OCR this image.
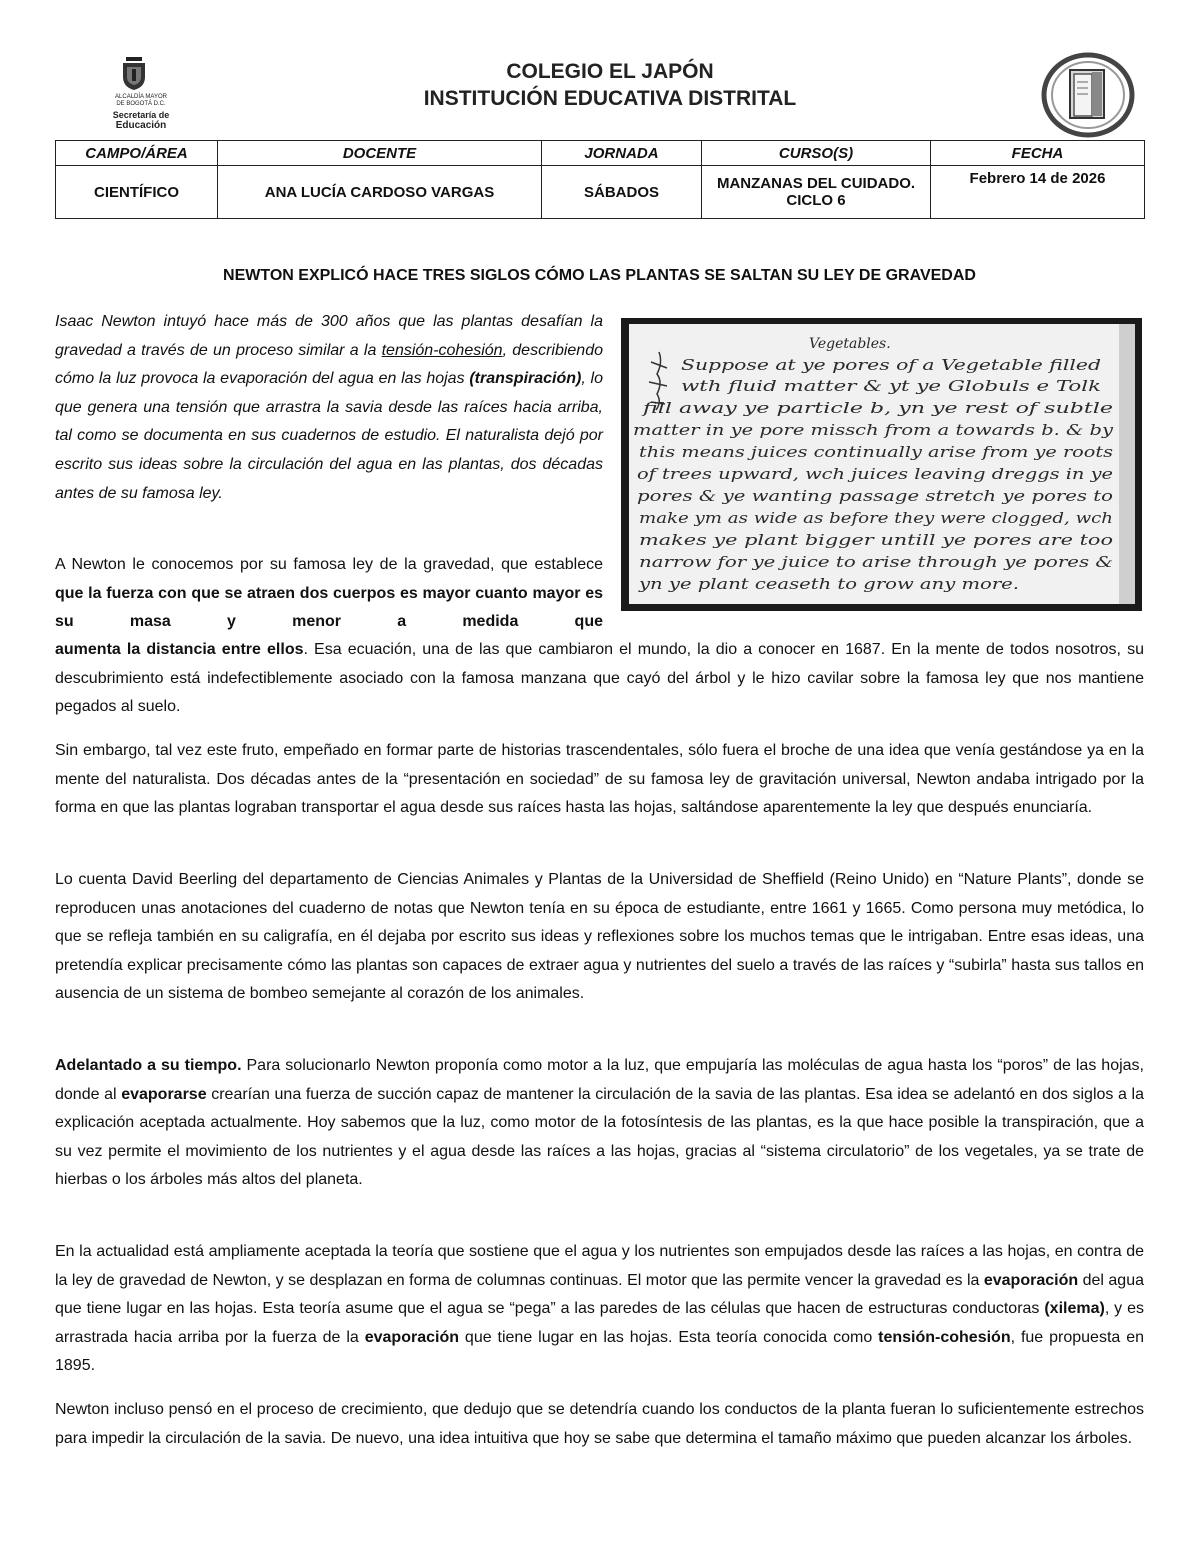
ALCALDÍA MAYOR
DE BOGOTÁ D.C.
Secretaría de
Educación
COLEGIO EL JAPÓN
INSTITUCIÓN EDUCATIVA DISTRITAL
CAMPO/ÁREA	DOCENTE	JORNADA	CURSO(S)	FECHA
CIENTÍFICO	ANA LUCÍA CARDOSO VARGAS	SÁBADOS	MANZANAS DEL CUIDADO. CICLO 6	Febrero 14 de 2026
NEWTON EXPLICÓ HACE TRES SIGLOS CÓMO LAS PLANTAS SE SALTAN SU LEY DE GRAVEDAD
Vegetables.
Suppose at ye pores of a Vegetable filled
wth fluid matter & yt ye Globuls e Tolk
fill away ye particle b, yn ye rest of subtle
matter in ye pore missch from a towards b. & by
this means juices continually arise from ye roots
of trees upward, wch juices leaving dreggs in ye
pores & ye wanting passage stretch ye pores to
make ym as wide as before they were clogged, wch
makes ye plant bigger untill ye pores are too
narrow for ye juice to arise through ye pores &
yn ye plant ceaseth to grow any more.

Isaac Newton intuyó hace más de 300 años que las plantas desafían la gravedad a través de un proceso similar a la tensión-cohesión, describiendo cómo la luz provoca la evaporación del agua en las hojas (transpiración), lo que genera una tensión que arrastra la savia desde las raíces hacia arriba, tal como se documenta en sus cuadernos de estudio. El naturalista dejó por escrito sus ideas sobre la circulación del agua en las plantas, dos décadas antes de su famosa ley.

A Newton le conocemos por su famosa ley de la gravedad, que establece que la fuerza con que se atraen dos cuerpos es mayor cuanto mayor es su masa y menor a medida que

aumenta la distancia entre ellos. Esa ecuación, una de las que cambiaron el mundo, la dio a conocer en 1687. En la mente de todos nosotros, su descubrimiento está indefectiblemente asociado con la famosa manzana que cayó del árbol y le hizo cavilar sobre la famosa ley que nos mantiene pegados al suelo.

Sin embargo, tal vez este fruto, empeñado en formar parte de historias trascendentales, sólo fuera el broche de una idea que venía gestándose ya en la mente del naturalista. Dos décadas antes de la “presentación en sociedad” de su famosa ley de gravitación universal, Newton andaba intrigado por la forma en que las plantas lograban transportar el agua desde sus raíces hasta las hojas, saltándose aparentemente la ley que después enunciaría.

Lo cuenta David Beerling del departamento de Ciencias Animales y Plantas de la Universidad de Sheffield (Reino Unido) en “Nature Plants”, donde se reproducen unas anotaciones del cuaderno de notas que Newton tenía en su época de estudiante, entre 1661 y 1665. Como persona muy metódica, lo que se refleja también en su caligrafía, en él dejaba por escrito sus ideas y reflexiones sobre los muchos temas que le intrigaban. Entre esas ideas, una pretendía explicar precisamente cómo las plantas son capaces de extraer agua y nutrientes del suelo a través de las raíces y “subirla” hasta sus tallos en ausencia de un sistema de bombeo semejante al corazón de los animales.

Adelantado a su tiempo. Para solucionarlo Newton proponía como motor a la luz, que empujaría las moléculas de agua hasta los “poros” de las hojas, donde al evaporarse crearían una fuerza de succión capaz de mantener la circulación de la savia de las plantas. Esa idea se adelantó en dos siglos a la explicación aceptada actualmente. Hoy sabemos que la luz, como motor de la fotosíntesis de las plantas, es la que hace posible la transpiración, que a su vez permite el movimiento de los nutrientes y el agua desde las raíces a las hojas, gracias al “sistema circulatorio” de los vegetales, ya se trate de hierbas o los árboles más altos del planeta.

En la actualidad está ampliamente aceptada la teoría que sostiene que el agua y los nutrientes son empujados desde las raíces a las hojas, en contra de la ley de gravedad de Newton, y se desplazan en forma de columnas continuas. El motor que las permite vencer la gravedad es la evaporación del agua que tiene lugar en las hojas. Esta teoría asume que el agua se “pega” a las paredes de las células que hacen de estructuras conductoras (xilema), y es arrastrada hacia arriba por la fuerza de la evaporación que tiene lugar en las hojas. Esta teoría conocida como tensión-cohesión, fue propuesta en 1895.

Newton incluso pensó en el proceso de crecimiento, que dedujo que se detendría cuando los conductos de la planta fueran lo suficientemente estrechos para impedir la circulación de la savia. De nuevo, una idea intuitiva que hoy se sabe que determina el tamaño máximo que pueden alcanzar los árboles.
